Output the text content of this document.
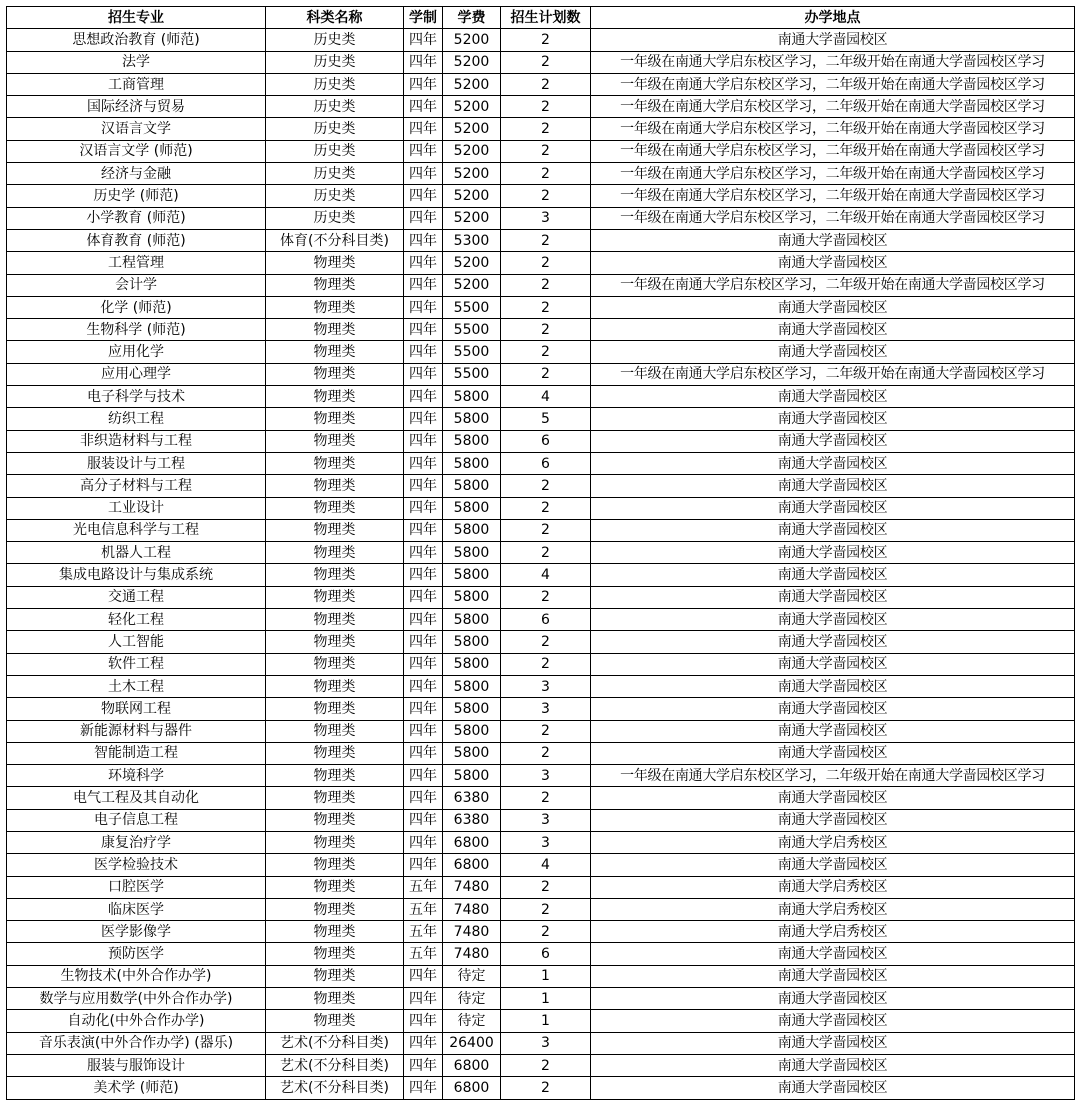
招生专业	科类名称	学制	学费	招生计划数	办学地点
思想政治教育 (师范)	历史类	四年	5200	2	南通大学啬园校区
法学	历史类	四年	5200	2	一年级在南通大学启东校区学习，二年级开始在南通大学啬园校区学习
工商管理	历史类	四年	5200	2	一年级在南通大学启东校区学习，二年级开始在南通大学啬园校区学习
国际经济与贸易	历史类	四年	5200	2	一年级在南通大学启东校区学习，二年级开始在南通大学啬园校区学习
汉语言文学	历史类	四年	5200	2	一年级在南通大学启东校区学习，二年级开始在南通大学啬园校区学习
汉语言文学 (师范)	历史类	四年	5200	2	一年级在南通大学启东校区学习，二年级开始在南通大学啬园校区学习
经济与金融	历史类	四年	5200	2	一年级在南通大学启东校区学习，二年级开始在南通大学啬园校区学习
历史学 (师范)	历史类	四年	5200	2	一年级在南通大学启东校区学习，二年级开始在南通大学啬园校区学习
小学教育 (师范)	历史类	四年	5200	3	一年级在南通大学启东校区学习，二年级开始在南通大学啬园校区学习
体育教育 (师范)	体育(不分科目类)	四年	5300	2	南通大学啬园校区
工程管理	物理类	四年	5200	2	南通大学啬园校区
会计学	物理类	四年	5200	2	一年级在南通大学启东校区学习，二年级开始在南通大学啬园校区学习
化学 (师范)	物理类	四年	5500	2	南通大学啬园校区
生物科学 (师范)	物理类	四年	5500	2	南通大学啬园校区
应用化学	物理类	四年	5500	2	南通大学啬园校区
应用心理学	物理类	四年	5500	2	一年级在南通大学启东校区学习，二年级开始在南通大学啬园校区学习
电子科学与技术	物理类	四年	5800	4	南通大学啬园校区
纺织工程	物理类	四年	5800	5	南通大学啬园校区
非织造材料与工程	物理类	四年	5800	6	南通大学啬园校区
服装设计与工程	物理类	四年	5800	6	南通大学啬园校区
高分子材料与工程	物理类	四年	5800	2	南通大学啬园校区
工业设计	物理类	四年	5800	2	南通大学啬园校区
光电信息科学与工程	物理类	四年	5800	2	南通大学啬园校区
机器人工程	物理类	四年	5800	2	南通大学啬园校区
集成电路设计与集成系统	物理类	四年	5800	4	南通大学啬园校区
交通工程	物理类	四年	5800	2	南通大学啬园校区
轻化工程	物理类	四年	5800	6	南通大学啬园校区
人工智能	物理类	四年	5800	2	南通大学啬园校区
软件工程	物理类	四年	5800	2	南通大学啬园校区
土木工程	物理类	四年	5800	3	南通大学啬园校区
物联网工程	物理类	四年	5800	3	南通大学啬园校区
新能源材料与器件	物理类	四年	5800	2	南通大学啬园校区
智能制造工程	物理类	四年	5800	2	南通大学啬园校区
环境科学	物理类	四年	5800	3	一年级在南通大学启东校区学习，二年级开始在南通大学啬园校区学习
电气工程及其自动化	物理类	四年	6380	2	南通大学啬园校区
电子信息工程	物理类	四年	6380	3	南通大学啬园校区
康复治疗学	物理类	四年	6800	3	南通大学启秀校区
医学检验技术	物理类	四年	6800	4	南通大学啬园校区
口腔医学	物理类	五年	7480	2	南通大学启秀校区
临床医学	物理类	五年	7480	2	南通大学启秀校区
医学影像学	物理类	五年	7480	2	南通大学启秀校区
预防医学	物理类	五年	7480	6	南通大学啬园校区
生物技术(中外合作办学)	物理类	四年	待定	1	南通大学啬园校区
数学与应用数学(中外合作办学)	物理类	四年	待定	1	南通大学啬园校区
自动化(中外合作办学)	物理类	四年	待定	1	南通大学啬园校区
音乐表演(中外合作办学) (器乐)	艺术(不分科目类)	四年	26400	3	南通大学啬园校区
服装与服饰设计	艺术(不分科目类)	四年	6800	2	南通大学啬园校区
美术学 (师范)	艺术(不分科目类)	四年	6800	2	南通大学啬园校区
